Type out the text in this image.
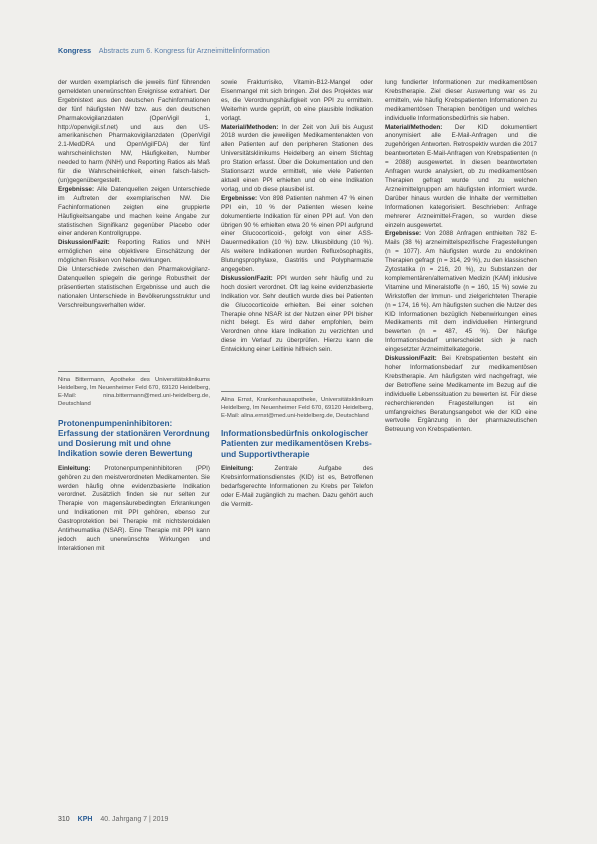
Kongress Abstracts zum 6. Kongress für Arzneimittelinformation

der wurden exemplarisch die jeweils fünf führenden gemeldeten unerwünschten Ereignisse extrahiert. Der Ergebnistext aus den deutschen Fachinformationen der fünf häufigsten NW bzw. aus den deutschen Pharmakovigilanzdaten (OpenVigil 1, http://openvigil.sf.net) und aus den US-amerikanischen Pharmakovigilanzdaten (OpenVigil 2.1-MedDRA und OpenVigilFDA) der fünf wahrscheinlichsten NW, Häufigkeiten, Number needed to harm (NNH) und Reporting Ratios als Maß für die Wahrscheinlichkeit, einen falsch-falsch-(un)gegenübergestellt.

Ergebnisse: Alle Datenquellen zeigen Unterschiede im Auftreten der exemplarischen NW. Die Fachinformationen zeigten eine gruppierte Häufigkeitsangabe und machen keine Angabe zur statistischen Signifikanz gegenüber Placebo oder einer anderen Kontrollgruppe.

Diskussion/Fazit: Reporting Ratios und NNH ermöglichen eine objektivere Einschätzung der möglichen Risiken von Nebenwirkungen.

Die Unterschiede zwischen den Pharmakovigilanz-Datenquellen spiegeln die geringe Robustheit der präsentierten statistischen Ergebnisse und auch die nationalen Unterschiede in Bevölkerungsstruktur und Verschreibungsverhalten wider.

Nina Bittermann, Apotheke des Universitätsklinikums Heidelberg, Im Neuenheimer Feld 670, 69120 Heidelberg, E-Mail: nina.bittermann@med.uni-heidelberg.de, Deutschland

Protonenpumpeninhibitoren: Erfassung der stationären Verordnung und Dosierung mit und ohne Indikation sowie deren Bewertung

Einleitung: Protonenpumpeninhibitoren (PPI) gehören zu den meistverordneten Medikamenten. Sie werden häufig ohne evidenzbasierte Indikation verordnet. Zusätzlich finden sie nur selten zur Therapie von magensäurebedingten Erkrankungen und Indikationen mit PPI gehören, ebenso zur Gastroprotektion bei Therapie mit nichtsteroidalen Antirheumatika (NSAR). Eine Therapie mit PPI kann jedoch auch unerwünschte Wirkungen und Interaktionen mit

sowie Frakturrisiko, Vitamin-B12-Mangel oder Eisenmangel mit sich bringen. Ziel des Projektes war es, die Verordnungshäufigkeit von PPI zu ermitteln. Weiterhin wurde geprüft, ob eine plausible Indikation vorlagt.

Material/Methoden: In der Zeit von Juli bis August 2018 wurden die jeweiligen Medikamentenakten von allen Patienten auf den peripheren Stationen des Universitätsklinikums Heidelberg an einem Stichtag pro Station erfasst. Über die Dokumentation und den Stationsarzt wurde ermittelt, wie viele Patienten aktuell einen PPI erhielten und ob eine Indikation vorlag, und ob diese plausibel ist.

Ergebnisse: Von 898 Patienten nahmen 47 % einen PPI ein, 10 % der Patienten wiesen keine dokumentierte Indikation für einen PPI auf. Von den übrigen 90 % erhielten etwa 20 % einen PPI aufgrund einer Glucocorticoid-, gefolgt von einer ASS-Dauermedikation (10 %) bzw. Ulkusbildung (10 %). Als weitere Indikationen wurden Refluxösophagitis, Blutungsprophylaxe, Gastritis und Polypharmazie angegeben.

Diskussion/Fazit: PPI wurden sehr häufig und zu hoch dosiert verordnet. Oft lag keine evidenzbasierte Indikation vor. Sehr deutlich wurde dies bei Patienten die Glucocorticoide erhielten. Bei einer solchen Therapie ohne NSAR ist der Nutzen einer PPI bisher nicht belegt. Es wird daher empfohlen, beim Verordnen ohne klare Indikation zu verzichten und diese im Verlauf zu überprüfen. Hierzu kann die Entwicklung einer Leitlinie hilfreich sein.

Alina Ernst, Krankenhausapotheke, Universitätsklinikum Heidelberg, Im Neuenheimer Feld 670, 69120 Heidelberg, E-Mail: alina.ernst@med.uni-heidelberg.de, Deutschland

Informationsbedürfnis onkologischer Patienten zur medikamentösen Krebs- und Supportivtherapie

Einleitung: Zentrale Aufgabe des Krebsinformationsdienstes (KID) ist es, Betroffenen bedarfsgerechte Informationen zu Krebs per Telefon oder E-Mail zugänglich zu machen. Dazu gehört auch die Vermitt-

lung fundierter Informationen zur medikamentösen Krebstherapie. Ziel dieser Auswertung war es zu ermitteln, wie häufig Krebspatienten Informationen zu medikamentösen Therapien benötigen und welches individuelle Informationsbedürfnis sie haben.

Material/Methoden: Der KID dokumentiert anonymisiert alle E-Mail-Anfragen und die zugehörigen Antworten. Retrospektiv wurden die 2017 beantworteten E-Mail-Anfragen von Krebspatienten (n = 2088) ausgewertet. In diesen beantworteten Anfragen wurde analysiert, ob zu medikamentösen Therapien gefragt wurde und zu welchen Arzneimittelgruppen am häufigsten informiert wurde. Darüber hinaus wurden die Inhalte der vermittelten Informationen kategorisiert. Beschrieben: Anfrage mehrerer Arzneimittel-Fragen, so wurden diese einzeln ausgewertet.

Ergebnisse: Von 2088 Anfragen enthielten 782 E-Mails (38 %) arzneimittelspezifische Fragestellungen (n = 1077). Am häufigsten wurde zu endokrinen Therapien gefragt (n = 314, 29 %), zu den klassischen Zytostatika (n = 216, 20 %), zu Substanzen der komplementären/alternativen Medizin (KAM) inklusive Vitamine und Mineralstoffe (n = 160, 15 %) sowie zu Wirkstoffen der Immun- und zielgerichteten Therapie (n = 174, 16 %). Am häufigsten suchen die Nutzer des KID Informationen bezüglich Nebenwirkungen eines Medikaments mit dem individuellen Hintergrund bewerten (n = 487, 45 %). Der häufige Informationsbedarf unterscheidet sich je nach eingesetzter Arzneimittelkategorie.

Diskussion/Fazit: Bei Krebspatienten besteht ein hoher Informationsbedarf zur medikamentösen Krebstherapie. Am häufigsten wird nachgefragt, wie der Betroffene seine Medikamente im Bezug auf die individuelle Lebenssituation zu bewerten ist. Für diese recherchierenden Fragestellungen ist ein umfangreiches Beratungsangebot wie der KID eine wertvolle Ergänzung in der pharmazeutischen Betreuung von Krebspatienten.

310 KPH 40. Jahrgang 7 | 2019
